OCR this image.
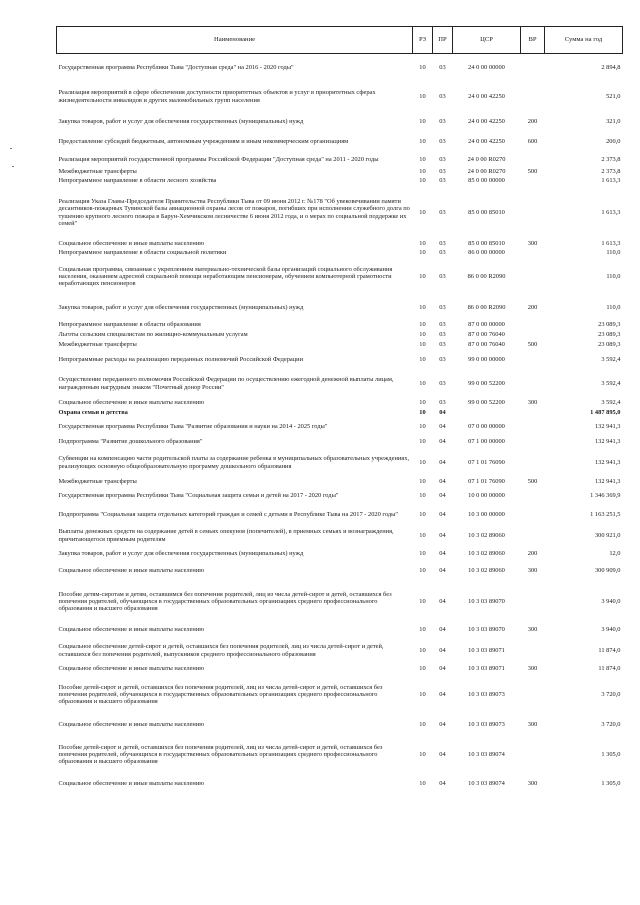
Наименование	РЗ	ПР	ЦСР	ВР	Сумма на год
Государственная программа Республики Тыва "Доступная среда" на 2016 - 2020 годы"	10	03	24 0 00 00000		2 894,8
Реализация мероприятий в сфере обеспечения доступности приоритетных объектов и услуг в приоритетных сферах жизнедеятельности инвалидов и других маломобильных групп населения	10	03	24 0 00 42250		521,0
Закупка товаров, работ и услуг для обеспечения государственных (муниципальных) нужд	10	03	24 0 00 42250	200	321,0
Предоставление субсидий бюджетным, автономным учреждениям и иным некоммерческим организациям	10	03	24 0 00 42250	600	200,0
Реализация мероприятий государственной программы Российской Федерации "Доступная среда" на 2011 - 2020 годы	10	03	24 0 00 R0270		2 373,8
Межбюджетные трансферты	10	03	24 0 00 R0270	500	2 373,8
Непрограммное направление в области лесного хозяйства	10	03	85 0 00 00000		1 613,3
Реализация Указа Главы-Председателя Правительства Республики Тыва от 09 июня 2012 г. №178 "Об увековечивании памяти десантников-пожарных Тувинской базы авиационной охраны лесов от пожаров, погибших при исполнении служебного долга по тушению крупного лесного пожара в Барун-Хемчикском лесничестве 6 июня 2012 года, и о мерах по социальной поддержке их семей"	10	03	85 0 00 85010		1 613,3
Социальное обеспечение и иные выплаты населению	10	03	85 0 00 85010	300	1 613,3
Непрограммное направление в области социальной политики	10	03	86 0 00 00000		110,0
Социальная программа, связанная с укреплением материально-технической базы организаций социального обслуживания населения, оказанием адресной социальной помощи неработающим пенсионерам, обучением компьютерной грамотности неработающих пенсионеров	10	03	86 0 00 R2090		110,0
Закупка товаров, работ и услуг для обеспечения государственных (муниципальных) нужд	10	03	86 0 00 R2090	200	110,0
Непрограммное направление в области образования	10	03	87 0 00 00000		23 089,3
Льготы сельским специалистам по жилищно-коммунальным услугам	10	03	87 0 00 76040		23 089,3
Межбюджетные трансферты	10	03	87 0 00 76040	500	23 089,3
Непрограммные расходы на реализацию переданных полномочий Российской Федерации	10	03	99 0 00 00000		3 592,4
Осуществление переданного полномочия Российской Федерации по осуществлению ежегодной денежной выплаты лицам, награжденным нагрудным знаком "Почетный донор России"	10	03	99 0 00 52200		3 592,4
Социальное обеспечение и иные выплаты населению	10	03	99 0 00 52200	300	3 592,4
Охрана семьи и детства	10	04			1 487 895,0
Государственная программа Республики Тыва "Развитие образования и науки на 2014 - 2025 годы"	10	04	07 0 00 00000		132 941,3
Подпрограмма "Развитие дошкольного образования"	10	04	07 1 00 00000		132 941,3
Субвенции на компенсацию части родительской платы за содержание ребенка в муниципальных образовательных учреждениях, реализующих основную общеобразовательную программу дошкольного образования	10	04	07 1 01 76090		132 941,3
Межбюджетные трансферты	10	04	07 1 01 76090	500	132 941,3
Государственная программа Республики Тыва "Социальная защита семьи и детей на 2017 - 2020 годы"	10	04	10 0 00 00000		1 346 369,9
Подпрограмма "Социальная защита отдельных категорий граждан и семей с детьми в Республике Тыва на 2017 - 2020 годы"	10	04	10 3 00 00000		1 163 251,5
Выплаты денежных средств на содержание детей в семьях опекунов (попечителей), в приемных семьях и вознаграждения, причитающегося приемным родителям	10	04	10 3 02 89060		300 921,0
Закупка товаров, работ и услуг для обеспечения государственных (муниципальных) нужд	10	04	10 3 02 89060	200	12,0
Социальное обеспечение и иные выплаты населению	10	04	10 3 02 89060	300	300 909,0
Пособие детям-сиротам и детям, оставшимся без попечения родителей, лиц из числа детей-сирот и детей, оставшихся без попечения родителей, обучающихся в государственных образовательных организациях среднего профессионального образования и высшего образования	10	04	10 3 03 89070		3 940,0
Социальное обеспечение и иные выплаты населению	10	04	10 3 03 89070	300	3 940,0
Социальное обеспечение детей-сирот и детей, оставшихся без попечения родителей, лиц из числа детей-сирот и детей, оставшихся без попечения родителей, выпускников среднего профессионального образования	10	04	10 3 03 89071		11 874,0
Социальное обеспечение и иные выплаты населению	10	04	10 3 03 89071	300	11 874,0
Пособие детей-сирот и детей, оставшихся без попечения родителей, лиц из числа детей-сирот и детей, оставшихся без попечения родителей, обучающихся в государственных образовательных организациях среднего профессионального образования и высшего образования	10	04	10 3 03 89073		3 720,0
Социальное обеспечение и иные выплаты населению	10	04	10 3 03 89073	300	3 720,0
Пособие детей-сирот и детей, оставшихся без попечения родителей, лиц из числа детей-сирот и детей, оставшихся без попечения родителей, обучающихся в государственных образовательных организациях среднего профессионального образования и высшего образования	10	04	10 3 03 89074		1 305,0
Социальное обеспечение и иные выплаты населению	10	04	10 3 03 89074	300	1 305,0
